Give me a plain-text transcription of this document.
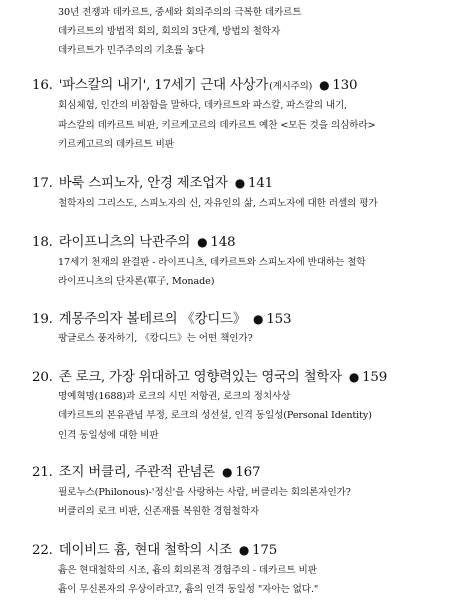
30년 전쟁과 데카르트, 중세와 회의주의의 극복한 데카르트
데카르트의 방법적 회의, 회의의 3단계, 방법의 철학자
데카르트가 민주주의의 기초를 놓다
16. '파스칼의 내기', 17세기 근대 사상가(계시주의) ● 130
회심체험, 인간의 비참함을 말하다, 데카르트와 파스칼, 파스칼의 내기,
파스칼의 데카르트 비판, 키르케고르의 데카르트 예찬 <모든 것을 의심하라>
키르케고르의 데카르트 비판
17. 바룩 스피노자, 안경 제조업자 ● 141
철학자의 그리스도, 스피노자의 신, 자유인의 삶, 스피노자에 대한 러셀의 평가
18. 라이프니츠의 낙관주의 ● 148
17세기 천재의 완결판 - 라이프니츠, 데카르트와 스피노자에 반대하는 철학
라이프니츠의 단자론(單子, Monade)
19. 계몽주의자 볼테르의 《캉디드》 ● 153
팡글로스 풍자하기, 《캉디드》는 어떤 책인가?
20. 존 로크, 가장 위대하고 영향력있는 영국의 철학자 ● 159
명예혁명(1688)과 로크의 시민 저항권, 로크의 정치사상
데카르트의 본유관념 부정, 로크의 성선설, 인격 동일성(Personal Identity)
인격 동일성에 대한 비판
21. 조지 버클리, 주관적 관념론 ● 167
필로누스(Philonous)-'정신'을 사랑하는 사람, 버클리는 회의론자인가?
버클리의 로크 비판, 신존재를 복원한 경험철학자
22. 데이비드 흄, 현대 철학의 시조 ● 175
흄은 현대철학의 시조, 흄의 회의론적 경험주의 - 데카르트 비판
흄이 무신론자의 우상이라고?, 흄의 인격 동일성 "자아는 없다."
